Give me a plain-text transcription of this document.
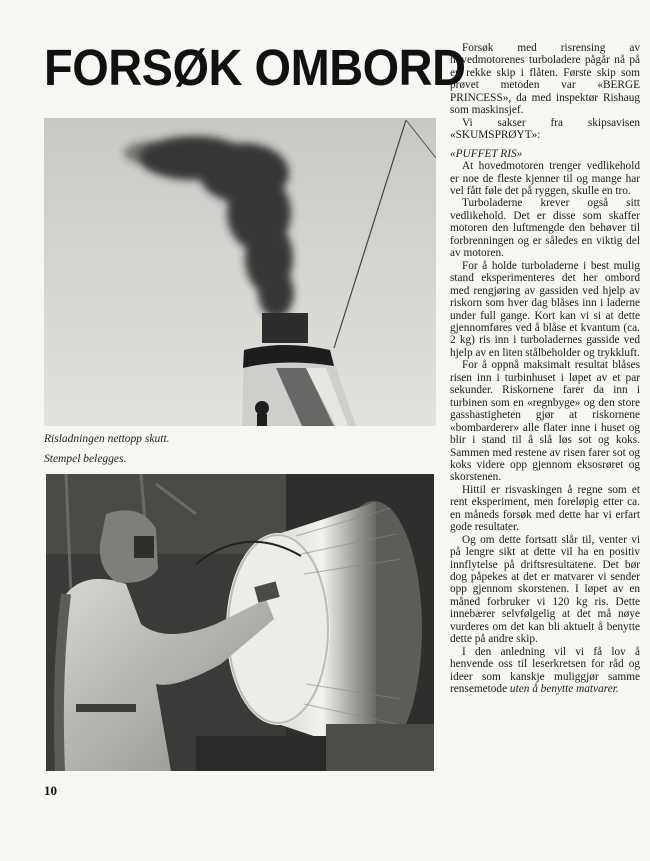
FORSØK OMBORD
Risladningen nettopp skutt.
Stempel belegges.

Forsøk med risrensing av hovedmotorenes turboladere pågår nå på en rekke skip i flåten. Første skip som prøvet metoden var «BERGE PRINCESS», da med inspektør Rishaug som maskinsjef.

Vi sakser fra skipsavisen «SKUMSPRØYT»:

«PUFFET RIS»

At hovedmotoren trenger vedlikehold er noe de fleste kjenner til og mange har vel fått føle det på ryggen, skulle en tro.

Turboladerne krever også sitt vedlikehold. Det er disse som skaffer motoren den luftmengde den behøver til forbrenningen og er således en viktig del av motoren.

For å holde turboladerne i best mulig stand eksperimenteres det her ombord med rengjøring av gassiden ved hjelp av riskorn som hver dag blåses inn i laderne under full gange. Kort kan vi si at dette gjennomføres ved å blåse et kvantum (ca. 2 kg) ris inn i turboladernes gasside ved hjelp av en liten stålbeholder og trykkluft.

For å oppnå maksimalt resultat blåses risen inn i turbinhuset i løpet av et par sekunder. Riskornene farer da inn i turbinen som en «regnbyge» og den store gasshastigheten gjør at riskornene «bombarderer» alle flater inne i huset og blir i stand til å slå løs sot og koks. Sammen med restene av risen farer sot og koks videre opp gjennom eksosrøret og skorstenen.

Hittil er risvaskingen å regne som et rent eksperiment, men foreløpig etter ca. en måneds forsøk med dette har vi erfart gode resultater.

Og om dette fortsatt slår til, venter vi på lengre sikt at dette vil ha en positiv innflytelse på driftsresultatene. Det bør dog påpekes at det er matvarer vi sender opp gjennom skorstenen. I løpet av en måned forbruker vi 120 kg ris. Dette innebærer selvfølgelig at det må nøye vurderes om det kan bli aktuelt å benytte dette på andre skip.

I den anledning vil vi få lov å henvende oss til leserkretsen for råd og ideer som kanskje muliggjør samme rensemetode uten å benytte matvarer.

10
